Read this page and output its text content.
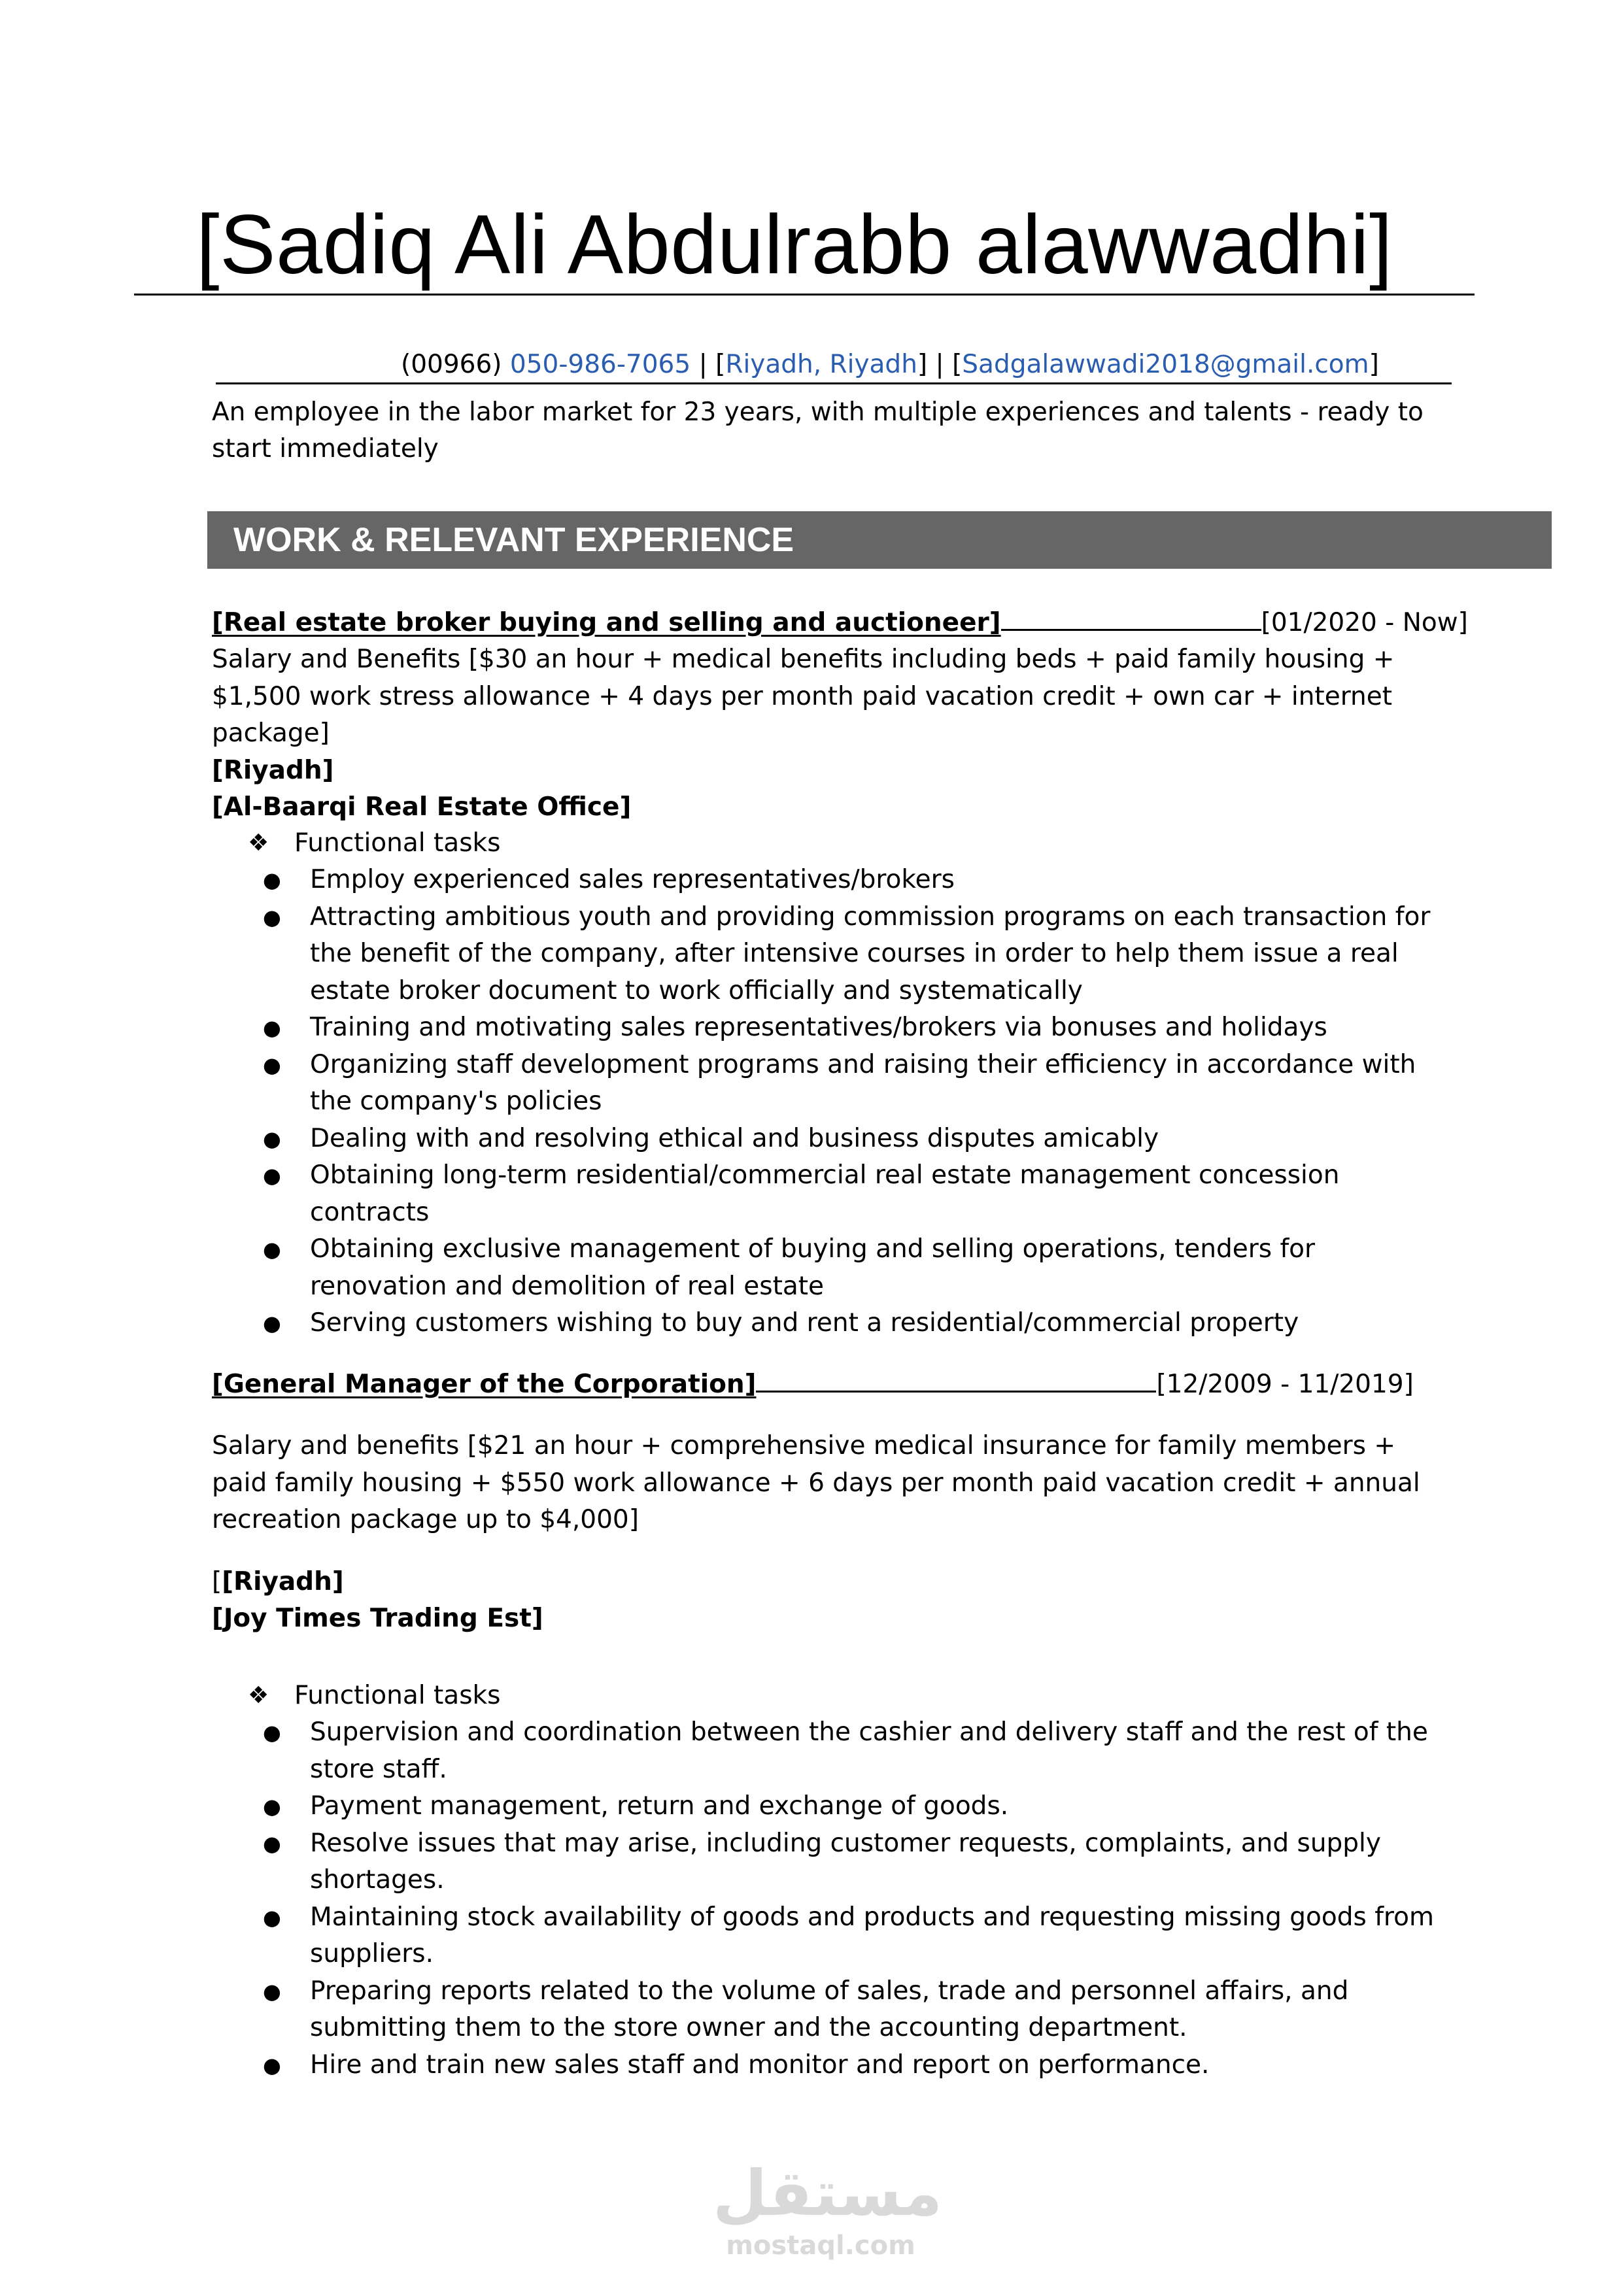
[Sadiq Ali Abdulrabb alawwadhi]
(00966) 050-986-7065 | [Riyadh, Riyadh] | [Sadgalawwadi2018@gmail.com]
An employee in the labor market for 23 years, with multiple experiences and talents - ready to start immediately
WORK & RELEVANT EXPERIENCE
[Real estate broker buying and selling and auctioneer]	[01/2020 - Now]

Salary and Benefits [$30 an hour + medical benefits including beds + paid family housing + $1,500 work stress allowance + 4 days per month paid vacation credit + own car + internet package]

[Riyadh]

[Al-Baarqi Real Estate Office]

❖ Functional tasks
● Employ experienced sales representatives/brokers
● Attracting ambitious youth and providing commission programs on each transaction for the benefit of the company, after intensive courses in order to help them issue a real estate broker document to work officially and systematically
● Training and motivating sales representatives/brokers via bonuses and holidays
● Organizing staff development programs and raising their efficiency in accordance with the company's policies
● Dealing with and resolving ethical and business disputes amicably
● Obtaining long-term residential/commercial real estate management concession contracts
● Obtaining exclusive management of buying and selling operations, tenders for renovation and demolition of real estate
● Serving customers wishing to buy and rent a residential/commercial property
[General Manager of the Corporation]	[12/2009 - 11/2019]

Salary and benefits [$21 an hour + comprehensive medical insurance for family members + paid family housing + $550 work allowance + 6 days per month paid vacation credit + annual recreation package up to $4,000]

[[Riyadh]

[Joy Times Trading Est]

❖ Functional tasks
● Supervision and coordination between the cashier and delivery staff and the rest of the store staff.
● Payment management, return and exchange of goods.
● Resolve issues that may arise, including customer requests, complaints, and supply shortages.
● Maintaining stock availability of goods and products and requesting missing goods from suppliers.
● Preparing reports related to the volume of sales, trade and personnel affairs, and submitting them to the store owner and the accounting department.
● Hire and train new sales staff and monitor and report on performance.
مستقل
mostaql.com
